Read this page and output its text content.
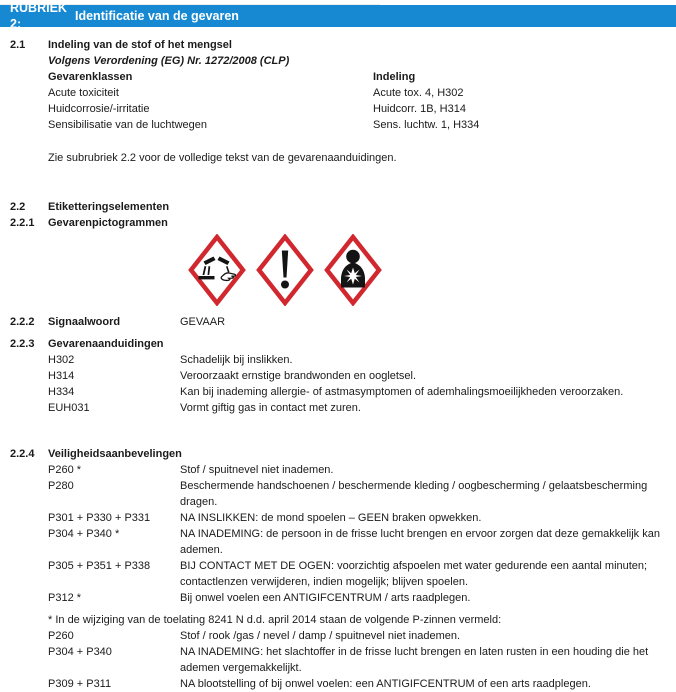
RUBRIEK 2:
Identificatie van de gevaren
2.1	Indeling van de stof of het mengsel
Volgens Verordening (EG) Nr. 1272/2008 (CLP)
Gevarenklassen	Indeling
Acute toxiciteit	Acute tox. 4, H302
Huidcorrosie/-irritatie	Huidcorr. 1B, H314
Sensibilisatie van de luchtwegen	Sens. luchtw. 1, H334
Zie subrubriek 2.2 voor de volledige tekst van de gevarenaanduidingen.
2.2	Etiketteringselementen
2.2.1	Gevarenpictogrammen
2.2.2	Signaalwoord	GEVAAR
2.2.3	Gevarenaanduidingen
H302	Schadelijk bij inslikken.
H314	Veroorzaakt ernstige brandwonden en oogletsel.
H334	Kan bij inademing allergie- of astmasymptomen of ademhalingsmoeilijkheden veroorzaken.
EUH031	Vormt giftig gas in contact met zuren.
2.2.4	Veiligheidsaanbevelingen
P260 *	Stof / spuitnevel niet inademen.
P280	Beschermende handschoenen / beschermende kleding / oogbescherming / gelaatsbescherming dragen.
P301 + P330 + P331	NA INSLIKKEN: de mond spoelen – GEEN braken opwekken.
P304 + P340 *	NA INADEMING: de persoon in de frisse lucht brengen en ervoor zorgen dat deze gemakkelijk kan ademen.
P305 + P351 + P338	BIJ CONTACT MET DE OGEN: voorzichtig afspoelen met water gedurende een aantal minuten; contactlenzen verwijderen, indien mogelijk; blijven spoelen.
P312 *	Bij onwel voelen een ANTIGIFCENTRUM / arts raadplegen.
* In de wijziging van de toelating 8241 N d.d. april 2014 staan de volgende P-zinnen vermeld:
P260	Stof / rook /gas / nevel / damp / spuitnevel niet inademen.
P304 + P340	NA INADEMING: het slachtoffer in de frisse lucht brengen en laten rusten in een houding die het ademen vergemakkelijkt.
P309 + P311	NA blootstelling of bij onwel voelen: een ANTIGIFCENTRUM of een arts raadplegen.
